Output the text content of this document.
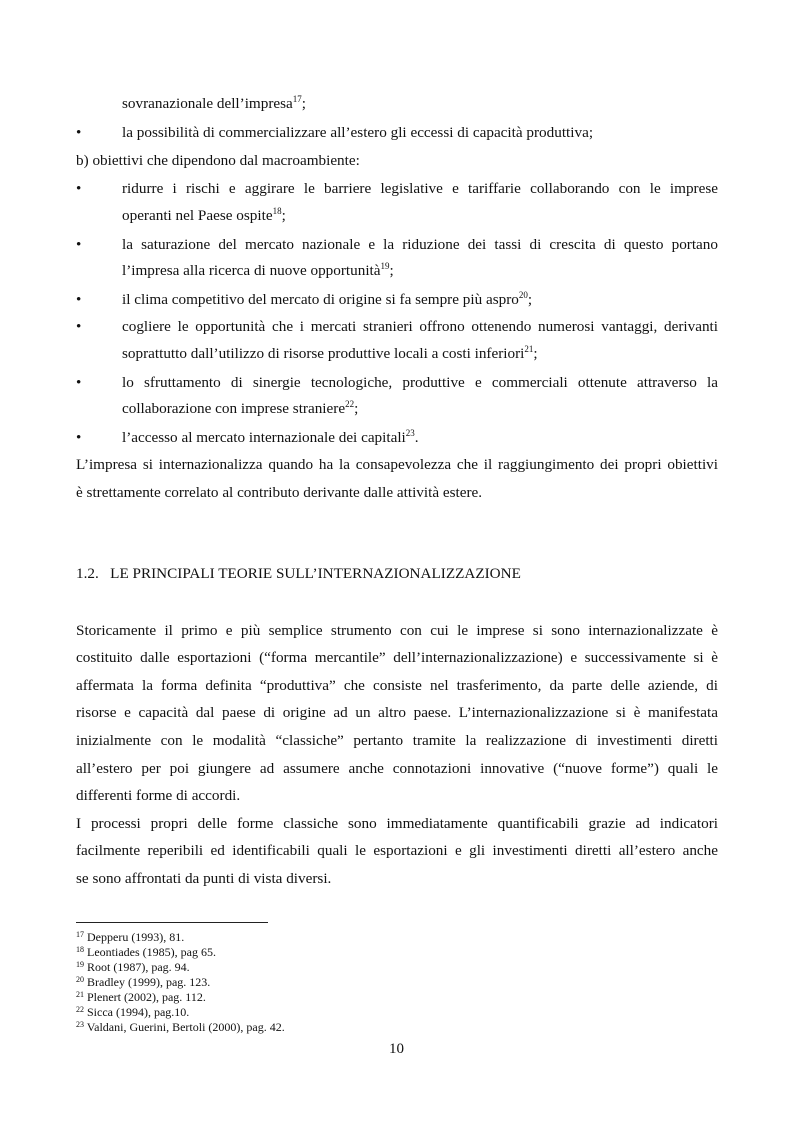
sovranazionale dell’impresa$^{17}$;
•	la possibilità di commercializzare all’estero gli eccessi di capacità produttiva;
b) obiettivi che dipendono dal macroambiente:
•	ridurre i rischi e aggirare le barriere legislative e tariffarie collaborando con le imprese
operanti nel Paese ospite$^{18}$;
•	la saturazione del mercato nazionale e la riduzione dei tassi di crescita di questo portano
l’impresa alla ricerca di nuove opportunità$^{19}$;
•	il clima competitivo del mercato di origine si fa sempre più aspro$^{20}$;
•	cogliere le opportunità che i mercati stranieri offrono ottenendo numerosi vantaggi, derivanti
soprattutto dall’utilizzo di risorse produttive locali a costi inferiori$^{21}$;
•	lo sfruttamento di sinergie tecnologiche, produttive e commerciali ottenute attraverso la
collaborazione con imprese straniere$^{22}$;
•	l’accesso al mercato internazionale dei capitali$^{23}$.
L’impresa si internazionalizza quando ha la consapevolezza che il raggiungimento dei propri obiettivi
è strettamente correlato al contributo derivante dalle attività estere.
1.2.   LE PRINCIPALI TEORIE SULL’INTERNAZIONALIZZAZIONE
Storicamente il primo e più semplice strumento con cui le imprese si sono internazionalizzate è
costituito dalle esportazioni (“forma mercantile” dell’internazionalizzazione) e successivamente si è
affermata la forma definita “produttiva” che consiste nel trasferimento, da parte delle aziende, di
risorse e capacità dal paese di origine ad un altro paese. L’internazionalizzazione si è manifestata
inizialmente con le modalità “classiche” pertanto tramite la realizzazione di investimenti diretti
all’estero per poi giungere ad assumere anche connotazioni innovative (“nuove forme”) quali le
differenti forme di accordi.
I processi propri delle forme classiche sono immediatamente quantificabili grazie ad indicatori
facilmente reperibili ed identificabili quali le esportazioni e gli investimenti diretti all’estero anche
se sono affrontati da punti di vista diversi.
$^{17}$ Depperu (1993), 81.
$^{18}$ Leontiades (1985), pag 65.
$^{19}$ Root (1987), pag. 94.
$^{20}$ Bradley (1999), pag. 123.
$^{21}$ Plenert (2002), pag. 112.
$^{22}$ Sicca (1994), pag.10.
$^{23}$ Valdani, Guerini, Bertoli (2000), pag. 42.
10
